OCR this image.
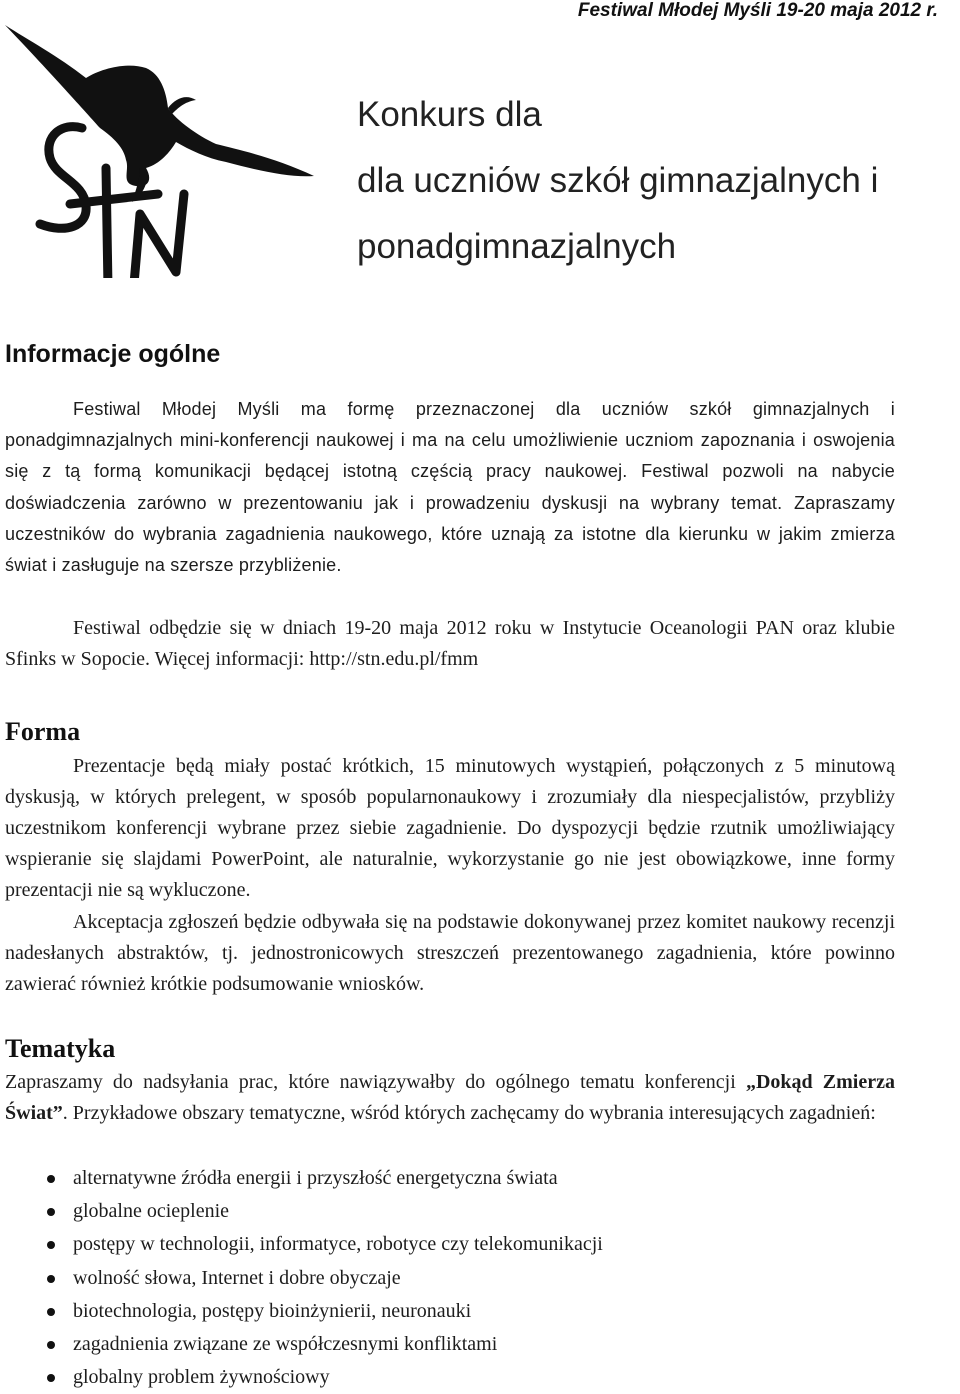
Festiwal Młodej Myśli 19-20 maja 2012 r.
Konkurs dla
dla uczniów szkół gimnazjalnych i
ponadgimnazjalnych
Informacje ogólne

Festiwal Młodej Myśli ma formę przeznaczonej dla uczniów szkół gimnazjalnych i ponadgimnazjalnych mini-konferencji naukowej i ma na celu umożliwienie uczniom zapoznania i oswojenia się z tą formą komunikacji będącej istotną częścią pracy naukowej. Festiwal pozwoli na nabycie doświadczenia zarówno w prezentowaniu jak i prowadzeniu dyskusji na wybrany temat. Zapraszamy uczestników do wybrania zagadnienia naukowego, które uznają za istotne dla kierunku w jakim zmierza świat i zasługuje na szersze przybliżenie.

Festiwal odbędzie się w dniach 19-20 maja 2012 roku w Instytucie Oceanologii PAN oraz klubie Sfinks w Sopocie. Więcej informacji: http://stn.edu.pl/fmm

Forma

Prezentacje będą miały postać krótkich, 15 minutowych wystąpień, połączonych z 5 minutową dyskusją, w których prelegent, w sposób popularnonaukowy i zrozumiały dla niespecjalistów, przybliży uczestnikom konferencji wybrane przez siebie zagadnienie. Do dyspozycji będzie rzutnik umożliwiający wspieranie się slajdami PowerPoint, ale naturalnie, wykorzystanie go nie jest obowiązkowe, inne formy prezentacji nie są wykluczone.

Akceptacja zgłoszeń będzie odbywała się na podstawie dokonywanej przez komitet naukowy recenzji nadesłanych abstraktów, tj. jednostronicowych streszczeń prezentowanego zagadnienia, które powinno zawierać również krótkie podsumowanie wniosków.

Tematyka

Zapraszamy do nadsyłania prac, które nawiązywałby do ogólnego tematu konferencji „Dokąd Zmierza Świat”. Przykładowe obszary tematyczne, wśród których zachęcamy do wybrania interesujących zagadnień:

alternatywne źródła energii i przyszłość energetyczna świata
globalne ocieplenie
postępy w technologii, informatyce, robotyce czy telekomunikacji
wolność słowa, Internet i dobre obyczaje
biotechnologia, postępy bioinżynierii, neuronauki
zagadnienia związane ze współczesnymi konfliktami
globalny problem żywnościowy
